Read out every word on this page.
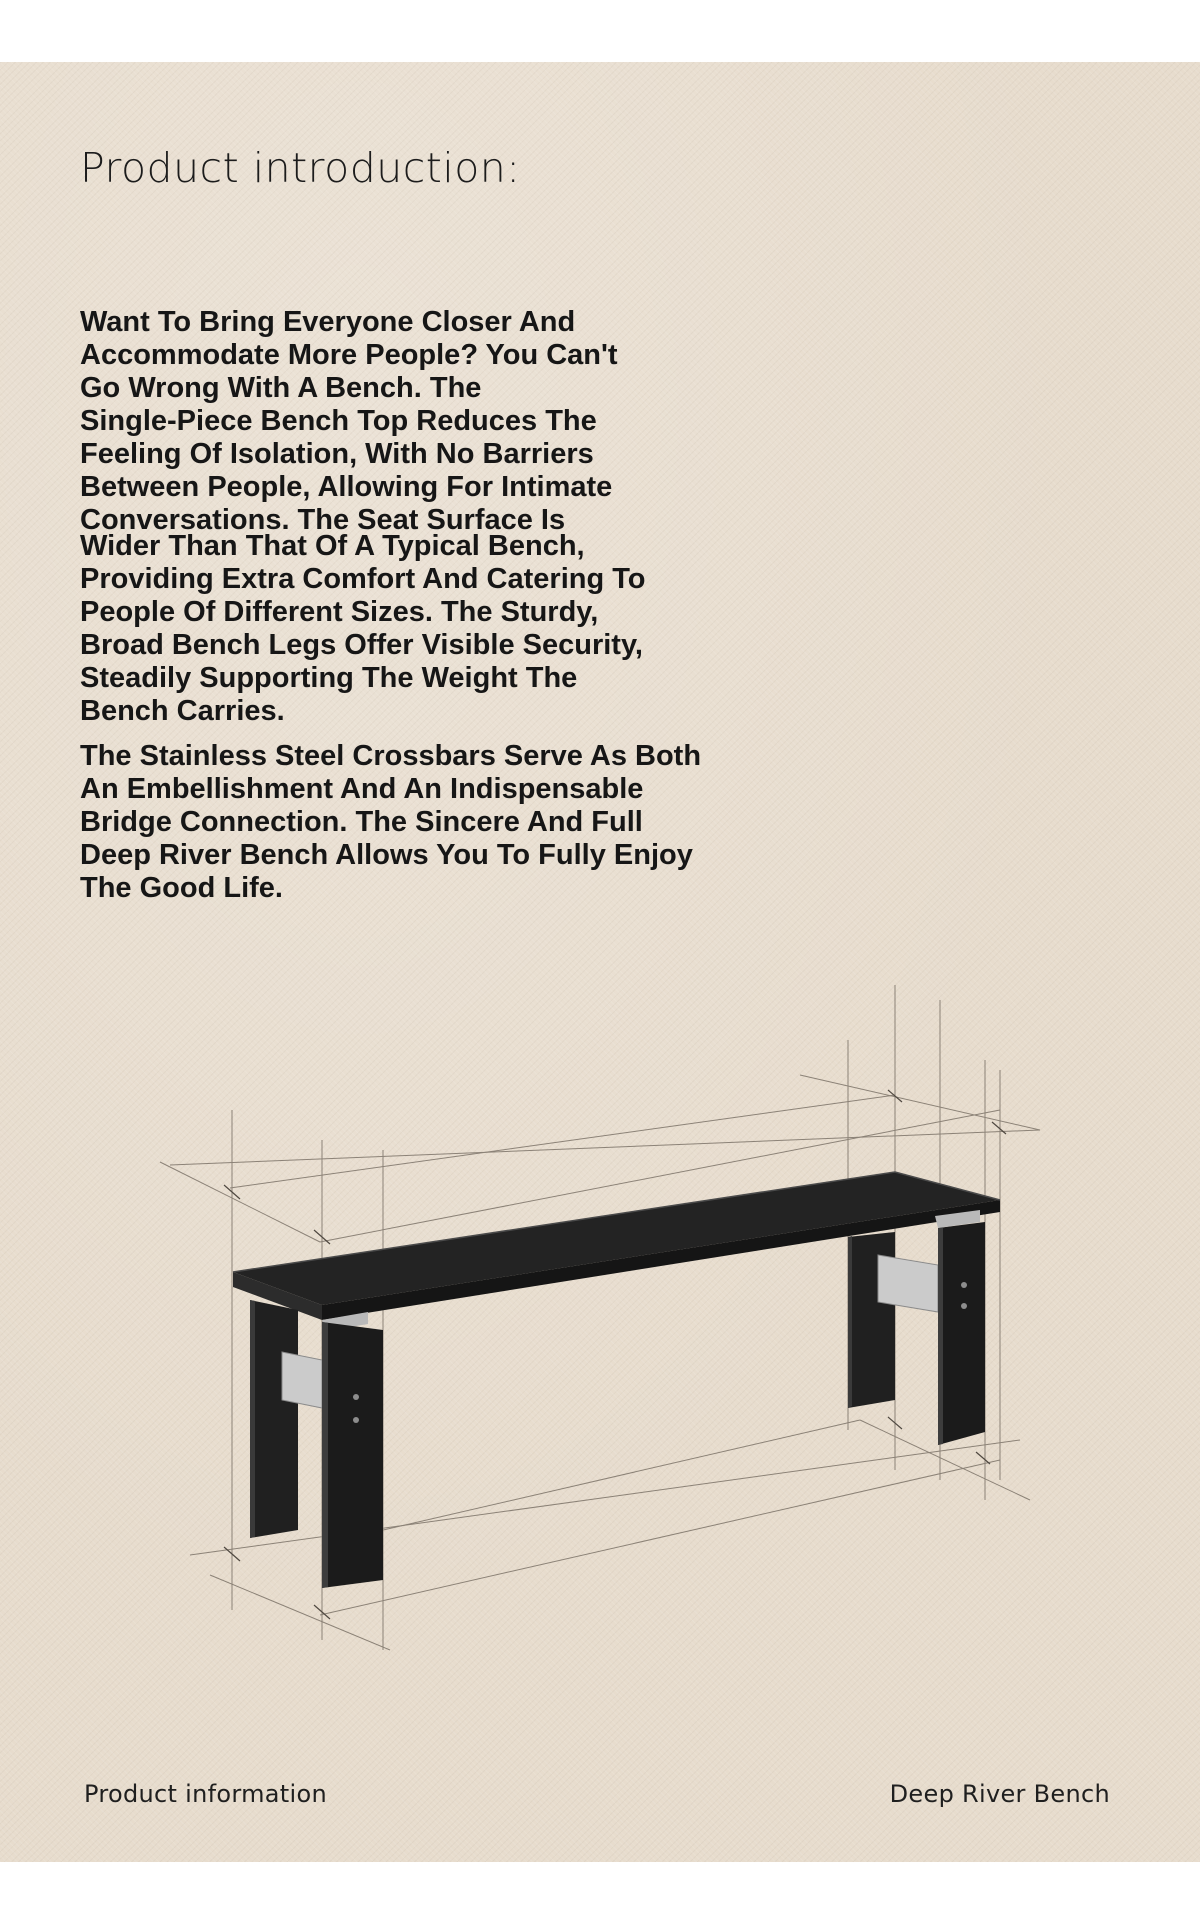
Product introduction:

Want To Bring Everyone Closer And
Accommodate More People? You Can't
Go Wrong With A Bench. The
Single-Piece Bench Top Reduces The
Feeling Of Isolation, With No Barriers
Between People, Allowing For Intimate
Conversations. The Seat Surface Is

Wider Than That Of A Typical Bench,
Providing Extra Comfort And Catering To
People Of Different Sizes. The Sturdy,
Broad Bench Legs Offer Visible Security,
Steadily Supporting The Weight The
Bench Carries.

The Stainless Steel Crossbars Serve As Both
An Embellishment And An Indispensable
Bridge Connection. The Sincere And Full
Deep River Bench Allows You To Fully Enjoy
The Good Life.

Product information	Deep River Bench
